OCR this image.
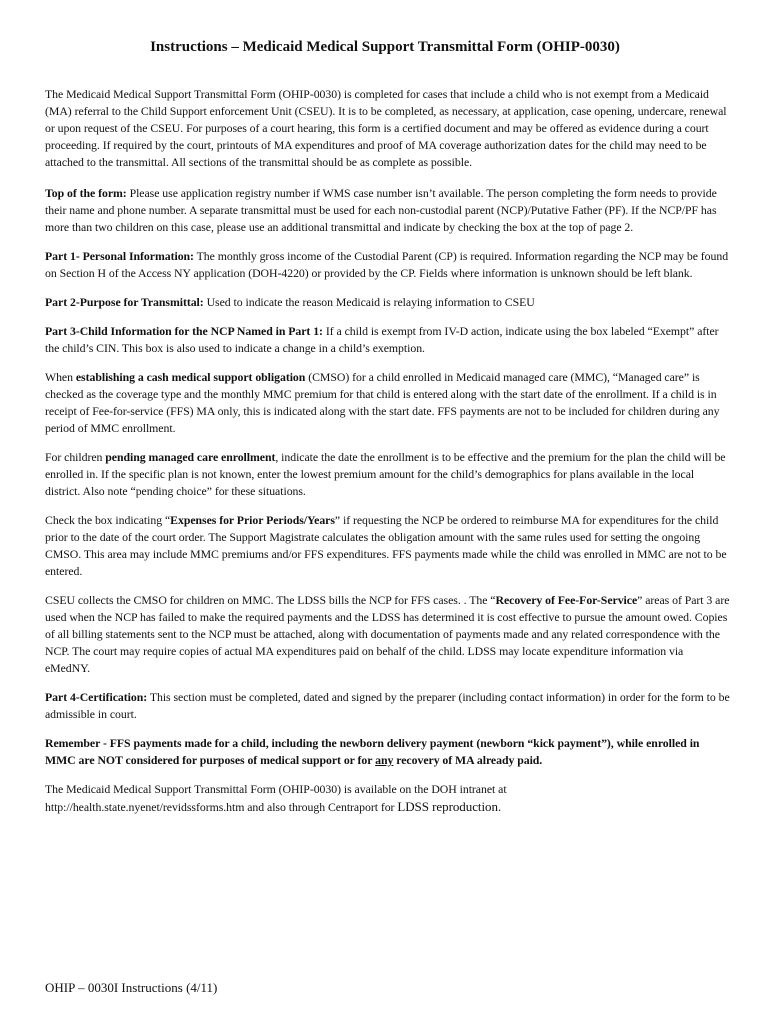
Instructions – Medicaid Medical Support Transmittal Form (OHIP-0030)

The Medicaid Medical Support Transmittal Form (OHIP-0030) is completed for cases that include a child who is not exempt from a Medicaid (MA) referral to the Child Support enforcement Unit (CSEU). It is to be completed, as necessary, at application, case opening, undercare, renewal or upon request of the CSEU. For purposes of a court hearing, this form is a certified document and may be offered as evidence during a court proceeding. If required by the court, printouts of MA expenditures and proof of MA coverage authorization dates for the child may need to be attached to the transmittal. All sections of the transmittal should be as complete as possible.

Top of the form: Please use application registry number if WMS case number isn’t available. The person completing the form needs to provide their name and phone number. A separate transmittal must be used for each non-custodial parent (NCP)/Putative Father (PF). If the NCP/PF has more than two children on this case, please use an additional transmittal and indicate by checking the box at the top of page 2.

Part 1- Personal Information: The monthly gross income of the Custodial Parent (CP) is required. Information regarding the NCP may be found on Section H of the Access NY application (DOH-4220) or provided by the CP. Fields where information is unknown should be left blank.

Part 2-Purpose for Transmittal: Used to indicate the reason Medicaid is relaying information to CSEU

Part 3-Child Information for the NCP Named in Part 1: If a child is exempt from IV-D action, indicate using the box labeled “Exempt” after the child’s CIN. This box is also used to indicate a change in a child’s exemption.

When establishing a cash medical support obligation (CMSO) for a child enrolled in Medicaid managed care (MMC), “Managed care” is checked as the coverage type and the monthly MMC premium for that child is entered along with the start date of the enrollment. If a child is in receipt of Fee-for-service (FFS) MA only, this is indicated along with the start date. FFS payments are not to be included for children during any period of MMC enrollment.

For children pending managed care enrollment, indicate the date the enrollment is to be effective and the premium for the plan the child will be enrolled in. If the specific plan is not known, enter the lowest premium amount for the child’s demographics for plans available in the local district. Also note “pending choice” for these situations.

Check the box indicating “Expenses for Prior Periods/Years” if requesting the NCP be ordered to reimburse MA for expenditures for the child prior to the date of the court order. The Support Magistrate calculates the obligation amount with the same rules used for setting the ongoing CMSO. This area may include MMC premiums and/or FFS expenditures. FFS payments made while the child was enrolled in MMC are not to be entered.

CSEU collects the CMSO for children on MMC. The LDSS bills the NCP for FFS cases. . The “Recovery of Fee-For-Service” areas of Part 3 are used when the NCP has failed to make the required payments and the LDSS has determined it is cost effective to pursue the amount owed. Copies of all billing statements sent to the NCP must be attached, along with documentation of payments made and any related correspondence with the NCP. The court may require copies of actual MA expenditures paid on behalf of the child. LDSS may locate expenditure information via eMedNY.

Part 4-Certification: This section must be completed, dated and signed by the preparer (including contact information) in order for the form to be admissible in court.

Remember - FFS payments made for a child, including the newborn delivery payment (newborn “kick payment”), while enrolled in MMC are NOT considered for purposes of medical support or for any recovery of MA already paid.

The Medicaid Medical Support Transmittal Form (OHIP-0030) is available on the DOH intranet at
http://health.state.nyenet/revidssforms.htm and also through Centraport for LDSS reproduction.

OHIP – 0030I Instructions (4/11)
